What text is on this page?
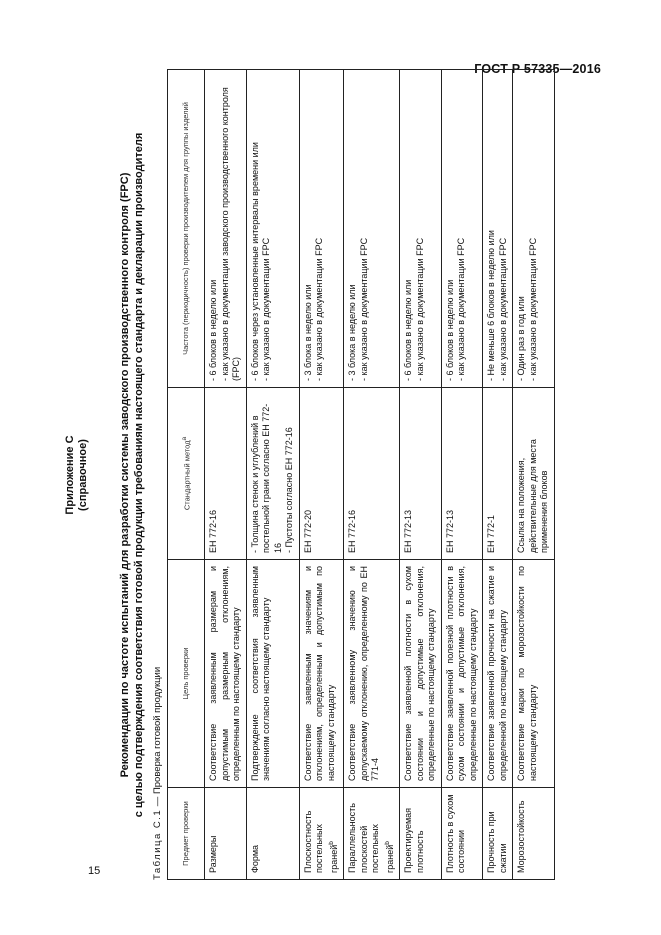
ГОСТ Р 57335—2016
15
Приложение С (справочное)	Рекомендации по частоте испытаний для разработки системы заводского производственного контроля (FPC) с целью подтверждения соответствия готовой продукции требованиям настоящего стандарта и декларации производителя
Таблица С.1 — Проверка готовой продукции
Предмет проверки	Цель проверки	Стандартный метод$^a$	Частота (периодичность) проверки производителем для группы изделий
Размеры	Соответствие заявленным размерам и допустимым размерным отклонениям, определенным по настоящему стандарту	ЕН 772-16	- 6 блоков в неделю или
- как указано в документации заводского производственного контроля (FPC)
Форма	Подтверждение соответствия заявленным значениям согласно настоящему стандарту	- Толщина стенок и углублений в постельной грани согласно ЕН 772-16
- Пустоты согласно ЕН 772-16	- 6 блоков через установленные интервалы времени или
- как указано в документации FPC
Плоскостность постельных граней$^b$	Соответствие заявленным значениям и отклонениям, определенным и допустимым по настоящему стандарту	ЕН 772-20	- 3 блока в неделю или
- как указано в документации FPC
Параллельность плоскостей постельных граней$^b$	Соответствие заявленному значению и допускаемому отклонению, определенному по ЕН 771-4	ЕН 772-16	- 3 блока в неделю или
- как указано в документации FPC
Проектируемая плотность	Соответствие заявленной плотности в сухом состоянии и допустимые отклонения, определенные по настоящему стандарту	ЕН 772-13	- 6 блоков в неделю или
- как указано в документации FPC
Плотность в сухом состоянии	Соответствие заявленной полезной плотности в сухом состоянии и допустимые отклонения, определенные по настоящему стандарту	ЕН 772-13	- 6 блоков в неделю или
- как указано в документации FPC
Прочность при сжатии	Соответствие заявленной прочности на сжатие и определенной по настоящему стандарту	ЕН 772-1	- Не меньше 6 блоков в неделю или
- как указано в документации FPC
Морозостойкость	Соответствие марки по морозостойкости по настоящему стандарту	Ссылка на положения, действительные для места применения блоков	- Один раз в год или
- как указано в документации FPC
